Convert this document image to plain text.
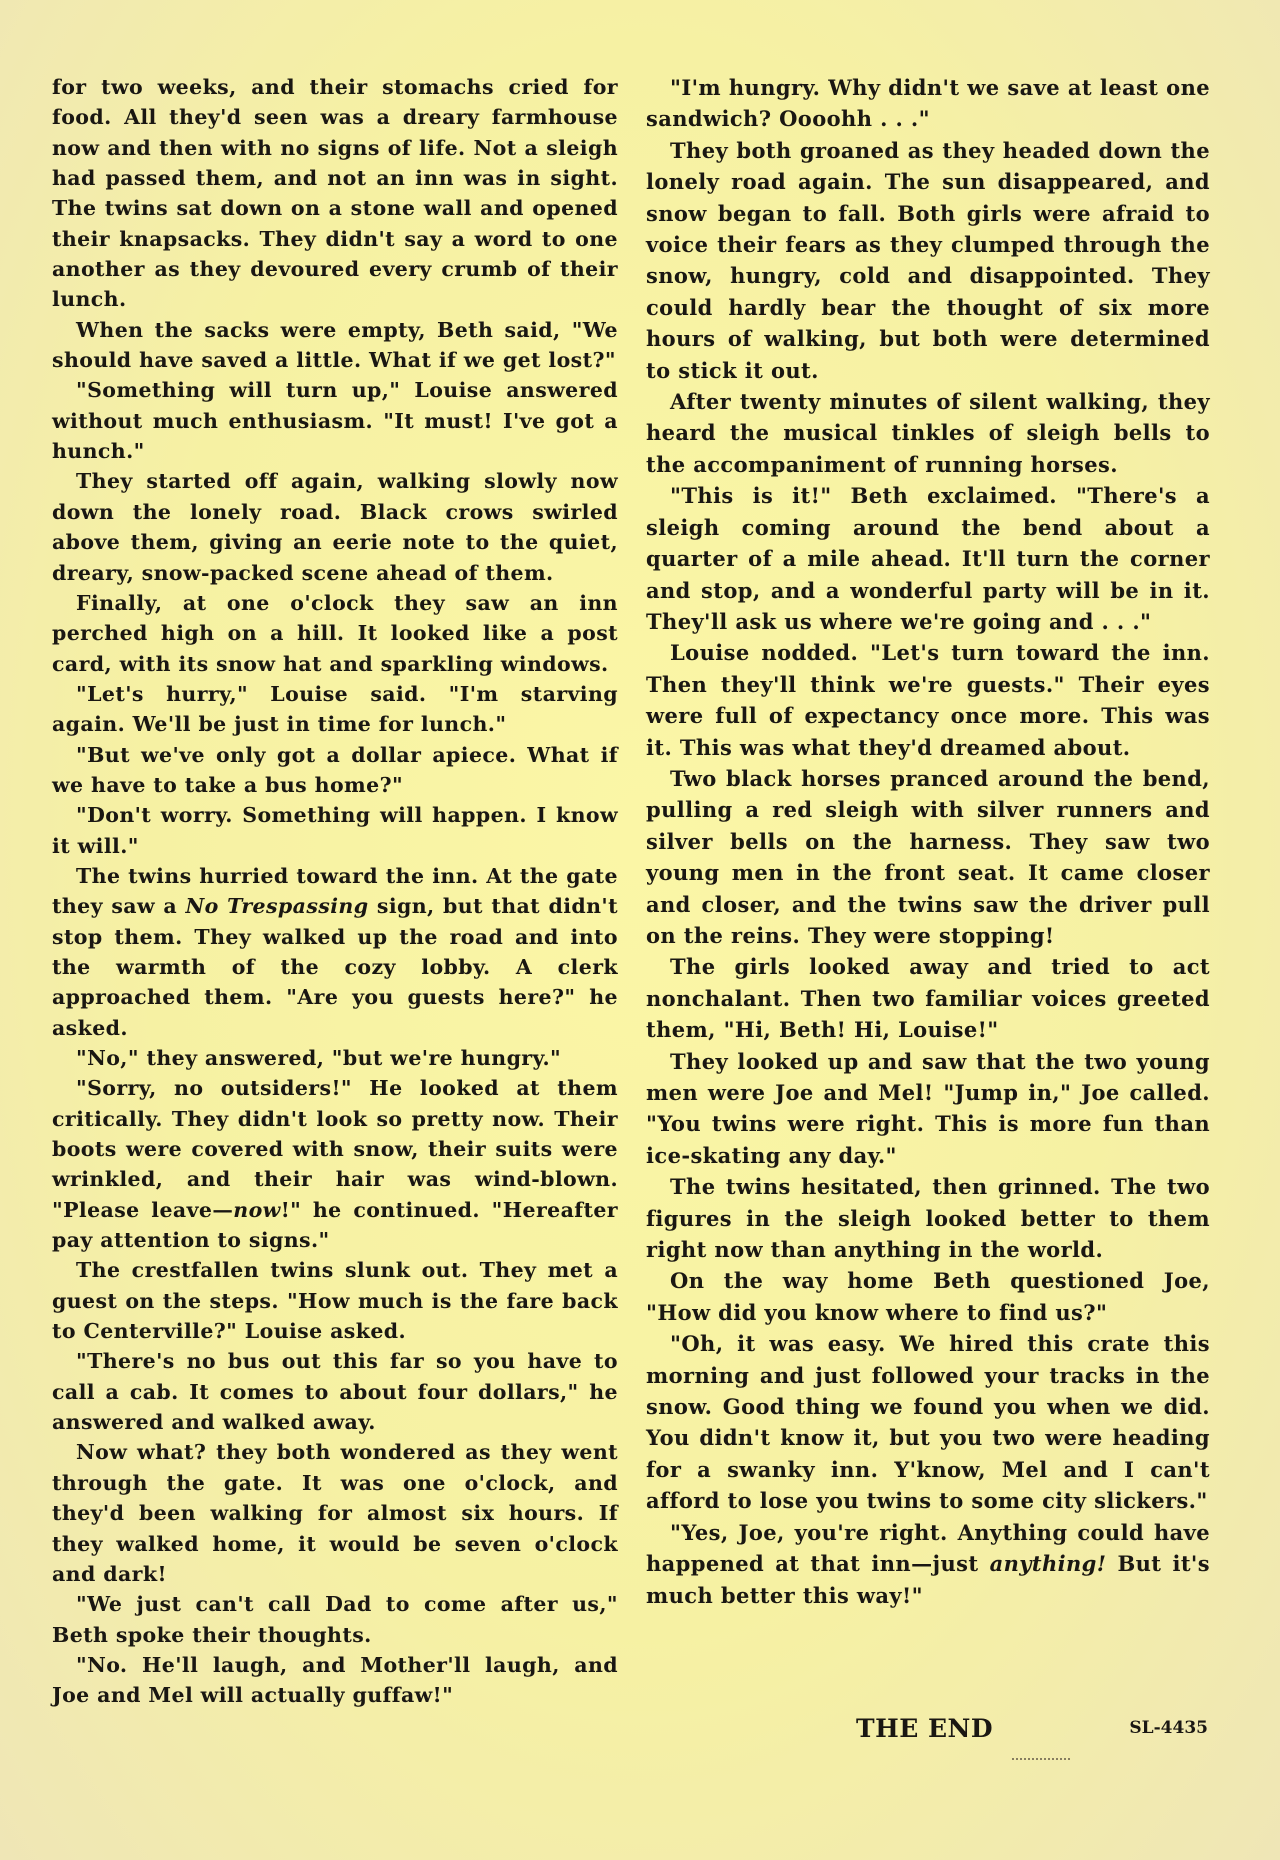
for two weeks, and their stomachs cried for food. All they'd seen was a dreary farmhouse now and then with no signs of life. Not a sleigh had passed them, and not an inn was in sight. The twins sat down on a stone wall and opened their knapsacks. They didn't say a word to one another as they devoured every crumb of their lunch.

When the sacks were empty, Beth said, "We should have saved a little. What if we get lost?"

"Something will turn up," Louise answered without much enthusiasm. "It must! I've got a hunch."

They started off again, walking slowly now down the lonely road. Black crows swirled above them, giving an eerie note to the quiet, dreary, snow-packed scene ahead of them.

Finally, at one o'clock they saw an inn perched high on a hill. It looked like a post card, with its snow hat and sparkling windows.

"Let's hurry," Louise said. "I'm starving again. We'll be just in time for lunch."

"But we've only got a dollar apiece. What if we have to take a bus home?"

"Don't worry. Something will happen. I know it will."

The twins hurried toward the inn. At the gate they saw a No Trespassing sign, but that didn't stop them. They walked up the road and into the warmth of the cozy lobby. A clerk approached them. "Are you guests here?" he asked.

"No," they answered, "but we're hungry."

"Sorry, no outsiders!" He looked at them critically. They didn't look so pretty now. Their boots were covered with snow, their suits were wrinkled, and their hair was wind-blown. "Please leave—now!" he continued. "Hereafter pay attention to signs."

The crestfallen twins slunk out. They met a guest on the steps. "How much is the fare back to Centerville?" Louise asked.

"There's no bus out this far so you have to call a cab. It comes to about four dollars," he answered and walked away.

Now what? they both wondered as they went through the gate. It was one o'clock, and they'd been walking for almost six hours. If they walked home, it would be seven o'clock and dark!

"We just can't call Dad to come after us," Beth spoke their thoughts.

"No. He'll laugh, and Mother'll laugh, and Joe and Mel will actually guffaw!"

"I'm hungry. Why didn't we save at least one sandwich? Oooohh . . ."

They both groaned as they headed down the lonely road again. The sun disappeared, and snow began to fall. Both girls were afraid to voice their fears as they clumped through the snow, hungry, cold and disappointed. They could hardly bear the thought of six more hours of walking, but both were determined to stick it out.

After twenty minutes of silent walking, they heard the musical tinkles of sleigh bells to the accompaniment of running horses.

"This is it!" Beth exclaimed. "There's a sleigh coming around the bend about a quarter of a mile ahead. It'll turn the corner and stop, and a wonderful party will be in it. They'll ask us where we're going and . . ."

Louise nodded. "Let's turn toward the inn. Then they'll think we're guests." Their eyes were full of expectancy once more. This was it. This was what they'd dreamed about.

Two black horses pranced around the bend, pulling a red sleigh with silver runners and silver bells on the harness. They saw two young men in the front seat. It came closer and closer, and the twins saw the driver pull on the reins. They were stopping!

The girls looked away and tried to act nonchalant. Then two familiar voices greeted them, "Hi, Beth! Hi, Louise!"

They looked up and saw that the two young men were Joe and Mel! "Jump in," Joe called. "You twins were right. This is more fun than ice-skating any day."

The twins hesitated, then grinned. The two figures in the sleigh looked better to them right now than anything in the world.

On the way home Beth questioned Joe, "How did you know where to find us?"

"Oh, it was easy. We hired this crate this morning and just followed your tracks in the snow. Good thing we found you when we did. You didn't know it, but you two were heading for a swanky inn. Y'know, Mel and I can't afford to lose you twins to some city slickers."

"Yes, Joe, you're right. Anything could have happened at that inn—just anything! But it's much better this way!"

THE END	SL-4435
